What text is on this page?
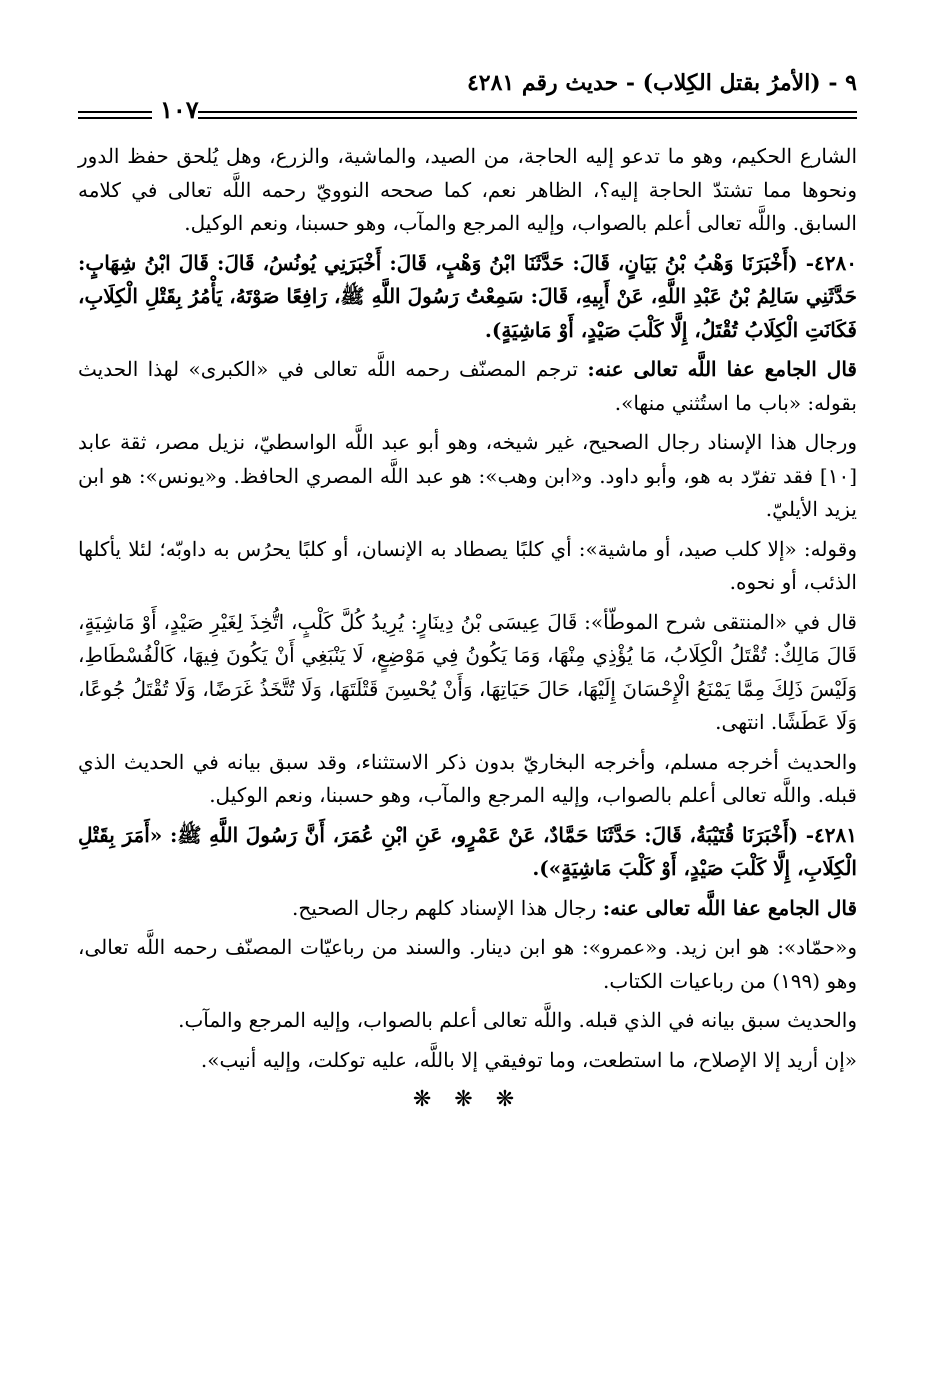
٩ - (الأمرُ بقتل الكِلاب) - حديث رقم ٤٢٨١
١٠٧

الشارع الحكيم، وهو ما تدعو إليه الحاجة، من الصيد، والماشية، والزرع، وهل يُلحق حفظ الدور ونحوها مما تشتدّ الحاجة إليه؟، الظاهر نعم، كما صححه النوويّ رحمه اللَّه تعالى في كلامه السابق. واللَّه تعالى أعلم بالصواب، وإليه المرجع والمآب، وهو حسبنا، ونعم الوكيل.

٤٢٨٠- (أَخْبَرَنَا وَهْبُ بْنُ بَيَانٍ، قَالَ: حَدَّثَنَا ابْنُ وَهْبٍ، قَالَ: أَخْبَرَنِي يُونُسُ، قَالَ: قَالَ ابْنُ شِهَابٍ: حَدَّثَنِي سَالِمُ بْنُ عَبْدِ اللَّهِ، عَنْ أَبِيهِ، قَالَ: سَمِعْتُ رَسُولَ اللَّهِ ﷺ، رَافِعًا صَوْتَهُ، يَأْمُرُ بِقَتْلِ الْكِلَابِ، فَكَانَتِ الْكِلَابُ تُقْتَلُ، إِلَّا كَلْبَ صَيْدٍ، أَوْ مَاشِيَةٍ).

قال الجامع عفا اللَّه تعالى عنه: ترجم المصنّف رحمه اللَّه تعالى في «الكبرى» لهذا الحديث بقوله: «باب ما استُثني منها».

ورجال هذا الإسناد رجال الصحيح، غير شيخه، وهو أبو عبد اللَّه الواسطيّ، نزيل مصر، ثقة عابد [١٠] فقد تفرّد به هو، وأبو داود. و«ابن وهب»: هو عبد اللَّه المصري الحافظ. و«يونس»: هو ابن يزيد الأيليّ.

وقوله: «إلا كلب صيد، أو ماشية»: أي كلبًا يصطاد به الإنسان، أو كلبًا يحرُس به داوبّه؛ لئلا يأكلها الذئب، أو نحوه.

قال في «المنتقى شرح الموطّأ»: قَالَ عِيسَى بْنُ دِينَارٍ: يُرِيدُ كُلَّ كَلْبٍ، اتُّخِذَ لِغَيْرِ صَيْدٍ، أَوْ مَاشِيَةٍ، قَالَ مَالِكٌ: تُقْتَلُ الْكِلَابُ، مَا يُؤْذِي مِنْهَا، وَمَا يَكُونُ فِي مَوْضِعٍ، لَا يَنْبَغِي أَنْ يَكُونَ فِيهَا، كَالْفُسْطَاطِ، وَلَيْسَ ذَلِكَ مِمَّا يَمْنَعُ الْإِحْسَانَ إِلَيْهَا، حَالَ حَيَاتِهَا، وَأَنْ يُحْسِنَ قَتْلَتَهَا، وَلَا تُتَّخَذُ غَرَضًا، وَلَا تُقْتَلُ جُوعًا، وَلَا عَطَشًا. انتهى.

والحديث أخرجه مسلم، وأخرجه البخاريّ بدون ذكر الاستثناء، وقد سبق بيانه في الحديث الذي قبله. واللَّه تعالى أعلم بالصواب، وإليه المرجع والمآب، وهو حسبنا، ونعم الوكيل.

٤٢٨١- (أَخْبَرَنَا قُتَيْبَةُ، قَالَ: حَدَّثَنَا حَمَّادٌ، عَنْ عَمْرٍو، عَنِ ابْنِ عُمَرَ، أَنَّ رَسُولَ اللَّهِ ﷺ: «أَمَرَ بِقَتْلِ الْكِلَابِ، إِلَّا كَلْبَ صَيْدٍ، أَوْ كَلْبَ مَاشِيَةٍ»).

قال الجامع عفا اللَّه تعالى عنه: رجال هذا الإسناد كلهم رجال الصحيح.

و«حمّاد»: هو ابن زيد. و«عمرو»: هو ابن دينار. والسند من رباعيّات المصنّف رحمه اللَّه تعالى، وهو (١٩٩) من رباعيات الكتاب.

والحديث سبق بيانه في الذي قبله. واللَّه تعالى أعلم بالصواب، وإليه المرجع والمآب.

«إن أريد إلا الإصلاح، ما استطعت، وما توفيقي إلا باللَّه، عليه توكلت، وإليه أنيب».

❋ ❋ ❋
